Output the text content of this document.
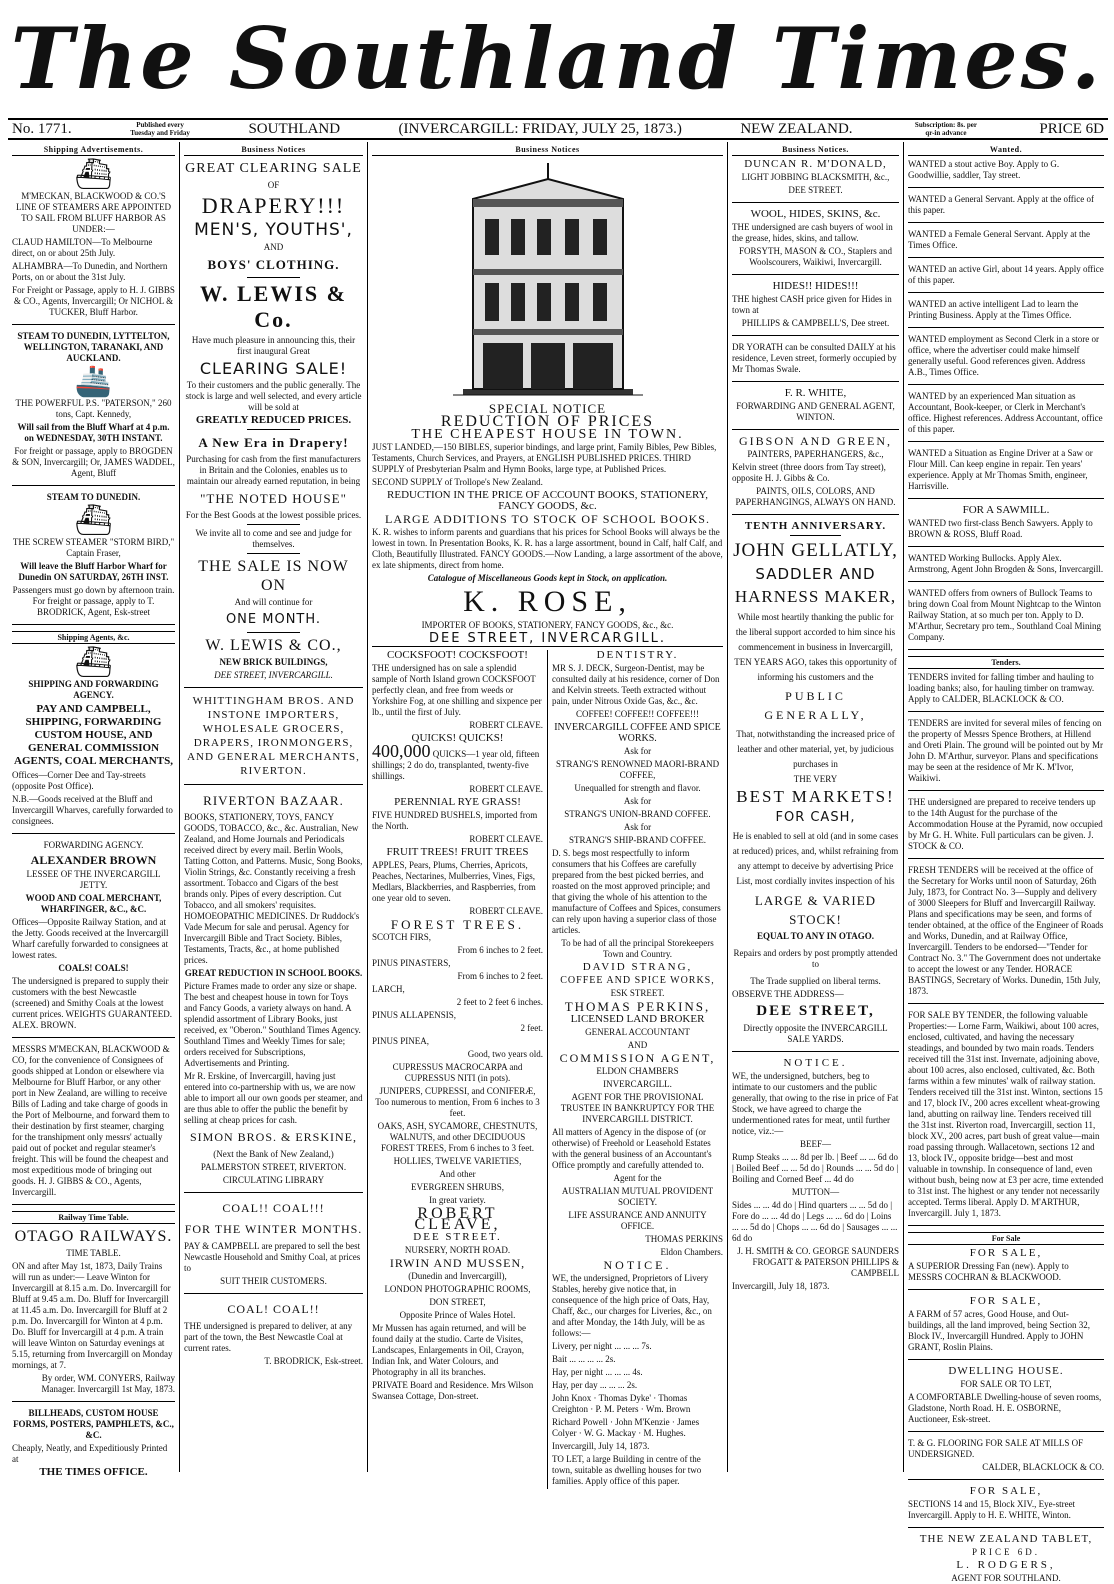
The Southland Times.
No. 1771.	Published every Tuesday and Friday	SOUTHLAND	(INVERCARGILL: FRIDAY, JULY 25, 1873.)	NEW ZEALAND.	Subscription: 8s. per qr-in advance	PRICE 6D
Shipping Advertisements.
⛴

M'MECKAN, BLACKWOOD & CO.'S LINE OF STEAMERS ARE APPOINTED TO SAIL FROM BLUFF HARBOR AS UNDER:—

CLAUD HAMILTON—To Melbourne direct, on or about 25th July.

ALHAMBRA—To Dunedin, and Northern Ports, on or about the 31st July.

For Freight or Passage, apply to H. J. GIBBS & CO., Agents, Invercargill; Or NICHOL & TUCKER, Bluff Harbor.

STEAM TO DUNEDIN, LYTTELTON, WELLINGTON, TARANAKI, AND AUCKLAND.

🚢

THE POWERFUL P.S. "PATERSON," 260 tons, Capt. Kennedy,

Will sail from the Bluff Wharf at 4 p.m. on WEDNESDAY, 30TH INSTANT.

For freight or passage, apply to BROGDEN & SON, Invercargill; Or, JAMES WADDEL, Agent, Bluff

STEAM TO DUNEDIN.

⛴

THE SCREW STEAMER "STORM BIRD," Captain Fraser,

Will leave the Bluff Harbor Wharf for Dunedin ON SATURDAY, 26TH INST.

Passengers must go down by afternoon train. For freight or passage, apply to T. BRODRICK, Agent, Esk-street

Shipping Agents, &c.
⛴

SHIPPING AND FORWARDING AGENCY.

PAY AND CAMPBELL, SHIPPING, FORWARDING CUSTOM HOUSE, AND GENERAL COMMISSION AGENTS, COAL MERCHANTS,

Offices—Corner Dee and Tay-streets (opposite Post Office).

N.B.—Goods received at the Bluff and Invercargill Wharves, carefully forwarded to consignees.

FORWARDING AGENCY.

ALEXANDER BROWN

LESSEE OF THE INVERCARGILL JETTY.

WOOD AND COAL MERCHANT, WHARFINGER, &C., &C.

Offices—Opposite Railway Station, and at the Jetty. Goods received at the Invercargill Wharf carefully forwarded to consignees at lowest rates.

COALS! COALS!

The undersigned is prepared to supply their customers with the best Newcastle (screened) and Smithy Coals at the lowest current prices. WEIGHTS GUARANTEED. ALEX. BROWN.

MESSRS M'MECKAN, BLACKWOOD & CO, for the convenience of Consignees of goods shipped at London or elsewhere via Melbourne for Bluff Harbor, or any other port in New Zealand, are willing to receive Bills of Lading and take charge of goods in the Port of Melbourne, and forward them to their destination by first steamer, charging for the transhipment only messrs' actually paid out of pocket and regular steamer's freight. This will be found the cheapest and most expeditious mode of bringing out goods. H. J. GIBBS & CO., Agents, Invercargill.

Railway Time Table.

OTAGO RAILWAYS.

TIME TABLE.

ON and after May 1st, 1873, Daily Trains will run as under:— Leave Winton for Invercargill at 8.15 a.m. Do. Invercargill for Bluff at 9.45 a.m. Do. Bluff for Invercargill at 11.45 a.m. Do. Invercargill for Bluff at 2 p.m. Do. Invercargill for Winton at 4 p.m. Do. Bluff for Invercargill at 4 p.m. A train will leave Winton on Saturday evenings at 5.15, returning from Invercargill on Monday mornings, at 7.

By order, WM. CONYERS, Railway Manager. Invercargill 1st May, 1873.

BILLHEADS, CUSTOM HOUSE FORMS, POSTERS, PAMPHLETS, &C., &C.

Cheaply, Neatly, and Expeditiously Printed at

THE TIMES OFFICE.

Business Notices

GREAT CLEARING SALE

OF

DRAPERY!!!

MEN'S, YOUTHS',

AND

BOYS' CLOTHING.

W. LEWIS & Co.

Have much pleasure in announcing this, their first inaugural Great

CLEARING SALE!

To their customers and the public generally. The stock is large and well selected, and every article will be sold at

GREATLY REDUCED PRICES.

A New Era in Drapery!

Purchasing for cash from the first manufacturers in Britain and the Colonies, enables us to maintain our already earned reputation, in being

"THE NOTED HOUSE"

For the Best Goods at the lowest possible prices.

We invite all to come and see and judge for themselves.

THE SALE IS NOW ON

And will continue for

ONE MONTH.

W. LEWIS & CO.,

NEW BRICK BUILDINGS,

DEE STREET, INVERCARGILL.

WHITTINGHAM BROS. AND INSTONE IMPORTERS, WHOLESALE GROCERS, DRAPERS, IRONMONGERS, AND GENERAL MERCHANTS, RIVERTON.

RIVERTON BAZAAR.

BOOKS, STATIONERY, TOYS, FANCY GOODS, TOBACCO, &c., &c. Australian, New Zealand, and Home Journals and Periodicals received direct by every mail. Berlin Wools, Tatting Cotton, and Patterns. Music, Song Books, Violin Strings, &c. Constantly receiving a fresh assortment. Tobacco and Cigars of the best brands only. Pipes of every description. Cut Tobacco, and all smokers' requisites. HOMOEOPATHIC MEDICINES. Dr Ruddock's Vade Mecum for sale and perusal. Agency for Invercargill Bible and Tract Society. Bibles, Testaments, Tracts, &c., at home published prices.

GREAT REDUCTION IN SCHOOL BOOKS.

Picture Frames made to order any size or shape. The best and cheapest house in town for Toys and Fancy Goods, a variety always on hand. A splendid assortment of Library Books, just received, ex "Oberon." Southland Times Agency. Southland Times and Weekly Times for sale; orders received for Subscriptions, Advertisements and Printing.

Mr R. Erskine, of Invercargill, having just entered into co-partnership with us, we are now able to import all our own goods per steamer, and are thus able to offer the public the benefit by selling at cheap prices for cash.

SIMON BROS. & ERSKINE,

(Next the Bank of New Zealand,)

PALMERSTON STREET, RIVERTON.

CIRCULATING LIBRARY

COAL!! COAL!!!

FOR THE WINTER MONTHS.

PAY & CAMPBELL are prepared to sell the best Newcastle Household and Smithy Coal, at prices to

SUIT THEIR CUSTOMERS.

COAL! COAL!!

THE undersigned is prepared to deliver, at any part of the town, the Best Newcastle Coal at current rates.

T. BRODRICK, Esk-street.

Business Notices

SPECIAL NOTICE

REDUCTION OF PRICES

THE CHEAPEST HOUSE IN TOWN.

JUST LANDED,—150 BIBLES, superior bindings, and large print, Family Bibles, Pew Bibles, Testaments, Church Services, and Prayers, at ENGLISH PUBLISHED PRICES. THIRD SUPPLY of Presbyterian Psalm and Hymn Books, large type, at Published Prices.

SECOND SUPPLY of Trollope's New Zealand.

REDUCTION IN THE PRICE OF ACCOUNT BOOKS, STATIONERY, FANCY GOODS, &c.

LARGE ADDITIONS TO STOCK OF SCHOOL BOOKS.

K. R. wishes to inform parents and guardians that his prices for School Books will always be the lowest in town. In Presentation Books, K. R. has a large assortment, bound in Calf, half Calf, and Cloth, Beautifully Illustrated. FANCY GOODS.—Now Landing, a large assortment of the above, ex late shipments, direct from home.

Catalogue of Miscellaneous Goods kept in Stock, on application.

K. ROSE,

IMPORTER OF BOOKS, STATIONERY, FANCY GOODS, &c., &c.

DEE STREET, INVERCARGILL.

COCKSFOOT! COCKSFOOT!

THE undersigned has on sale a splendid sample of North Island grown COCKSFOOT perfectly clean, and free from weeds or Yorkshire Fog, at one shilling and sixpence per lb., until the first of July.

ROBERT CLEAVE.

QUICKS! QUICKS!

400,000 QUICKS—1 year old, fifteen shillings; 2 do do, transplanted, twenty-five shillings.

ROBERT CLEAVE.

PERENNIAL RYE GRASS!

FIVE HUNDRED BUSHELS, imported from the North.

ROBERT CLEAVE.

FRUIT TREES! FRUIT TREES

APPLES, Pears, Plums, Cherries, Apricots, Peaches, Nectarines, Mulberries, Vines, Figs, Medlars, Blackberries, and Raspberries, from one year old to seven.

ROBERT CLEAVE.

FOREST TREES.

SCOTCH FIRS,

From 6 inches to 2 feet.

PINUS PINASTERS,

From 6 inches to 2 feet.

LARCH,

2 feet to 2 feet 6 inches.

PINUS ALLAPENSIS,

2 feet.

PINUS PINEA,

Good, two years old.

CUPRESSUS MACROCARPA and CUPRESSUS NITI (in pots).

JUNIPERS, CUPRESSI, and CONIFERÆ, Too numerous to mention, From 6 inches to 3 feet.

OAKS, ASH, SYCAMORE, CHESTNUTS, WALNUTS, and other DECIDUOUS FOREST TREES, From 6 inches to 3 feet.

HOLLIES, TWELVE VARIETIES,

And other

EVERGREEN SHRUBS,

In great variety.

ROBERT CLEAVE,

DEE STREET.

NURSERY, NORTH ROAD.

IRWIN AND MUSSEN,

(Dunedin and Invercargill),

LONDON PHOTOGRAPHIC ROOMS,

DON STREET,

Opposite Prince of Wales Hotel.

Mr Mussen has again returned, and will be found daily at the studio. Carte de Visites, Landscapes, Enlargements in Oil, Crayon, Indian Ink, and Water Colours, and Photography in all its branches.

PRIVATE Board and Residence. Mrs Wilson Swansea Cottage, Don-street.

DENTISTRY.

MR S. J. DECK, Surgeon-Dentist, may be consulted daily at his residence, corner of Don and Kelvin streets. Teeth extracted without pain, under Nitrous Oxide Gas, &c., &c.

COFFEE! COFFEE!! COFFEE!!!

INVERCARGILL COFFEE AND SPICE WORKS.

Ask for

STRANG'S RENOWNED MAORI-BRAND COFFEE,

Unequalled for strength and flavor.

Ask for

STRANG'S UNION-BRAND COFFEE.

Ask for

STRANG'S SHIP-BRAND COFFEE.

D. S. begs most respectfully to inform consumers that his Coffees are carefully prepared from the best picked berries, and roasted on the most approved principle; and that giving the whole of his attention to the manufacture of Coffees and Spices, consumers can rely upon having a superior class of those articles.

To be had of all the principal Storekeepers Town and Country.

DAVID STRANG,

COFFEE AND SPICE WORKS,

ESK STREET.

THOMAS PERKINS,

LICENSED LAND BROKER

GENERAL ACCOUNTANT

AND

COMMISSION AGENT,

ELDON CHAMBERS

INVERCARGILL.

AGENT FOR THE PROVISIONAL TRUSTEE IN BANKRUPTCY FOR THE INVERCARGILL DISTRICT.

All matters of Agency in the dispose of (or otherwise) of Freehold or Leasehold Estates with the general business of an Accountant's Office promptly and carefully attended to.

Agent for the

AUSTRALIAN MUTUAL PROVIDENT SOCIETY.

LIFE ASSURANCE AND ANNUITY OFFICE.

THOMAS PERKINS

Eldon Chambers.

NOTICE.

WE, the undersigned, Proprietors of Livery Stables, hereby give notice that, in consequence of the high price of Oats, Hay, Chaff, &c., our charges for Liveries, &c., on and after Monday, the 14th July, will be as follows:—

Livery, per night ... ... ... 7s.

Bait ... ... ... ... 2s.

Hay, per night ... ... ... 4s.

Hay, per day ... ... ... 2s.

John Knox · Thomas Dyke' · Thomas Creighton · P. M. Peters · Wm. Brown

Richard Powell · John M'Kenzie · James Colyer · W. G. Mackay · M. Hughes.

Invercargill, July 14, 1873.

TO LET, a large Building in centre of the town, suitable as dwelling houses for two families. Apply office of this paper.

Business Notices.

DUNCAN R. M'DONALD,

LIGHT JOBBING BLACKSMITH, &c.,

DEE STREET.

WOOL, HIDES, SKINS, &c.

THE undersigned are cash buyers of wool in the grease, hides, skins, and tallow.

FORSYTH, MASON & CO., Staplers and Woolscourers, Waikiwi, Invercargill.

HIDES!! HIDES!!!

THE highest CASH price given for Hides in town at

PHILLIPS & CAMPBELL'S, Dee street.

DR YORATH can be consulted DAILY at his residence, Leven street, formerly occupied by Mr Thomas Swale.

F. R. WHITE,

FORWARDING AND GENERAL AGENT, WINTON.

GIBSON AND GREEN,

PAINTERS, PAPERHANGERS, &c.,

Kelvin street (three doors from Tay street), opposite H. J. Gibbs & Co.

PAINTS, OILS, COLORS, AND PAPERHANGINGS, ALWAYS ON HAND.

TENTH ANNIVERSARY.

JOHN GELLATLY,

SADDLER AND

HARNESS MAKER,

While most heartily thanking the public for the liberal support accorded to him since his commencement in business in Invercargill, TEN YEARS AGO, takes this opportunity of informing his customers and the

PUBLIC GENERALLY,

That, notwithstanding the increased price of leather and other material, yet, by judicious purchases in

THE VERY

BEST MARKETS!

FOR CASH,

He is enabled to sell at old (and in some cases at reduced) prices, and, whilst refraining from any attempt to deceive by advertising Price List, most cordially invites inspection of his

LARGE & VARIED STOCK!

EQUAL TO ANY IN OTAGO.

Repairs and orders by post promptly attended to

The Trade supplied on liberal terms.

OBSERVE THE ADDRESS—

DEE STREET,

Directly opposite the INVERCARGILL SALE YARDS.

NOTICE.

WE, the undersigned, butchers, beg to intimate to our customers and the public generally, that owing to the rise in price of Fat Stock, we have agreed to charge the undermentioned rates for meat, until further notice, viz.:—

BEEF—

Rump Steaks ... ... 8d per lb. | Beef ... ... 6d do | Boiled Beef ... ... 5d do | Rounds ... ... 5d do | Boiling and Corned Beef ... 4d do

MUTTON—

Sides ... ... 4d do | Hind quarters ... ... 5d do | Fore do ... ... 4d do | Legs ... ... 6d do | Loins ... ... 5d do | Chops ... ... 6d do | Sausages ... ... 6d do

J. H. SMITH & CO. GEORGE SAUNDERS FROGATT & PATERSON PHILLIPS & CAMPBELL

Invercargill, July 18, 1873.

Wanted.

WANTED a stout active Boy. Apply to G. Goodwillie, saddler, Tay street.

WANTED a General Servant. Apply at the office of this paper.

WANTED a Female General Servant. Apply at the Times Office.

WANTED an active Girl, about 14 years. Apply office of this paper.

WANTED an active intelligent Lad to learn the Printing Business. Apply at the Times Office.

WANTED employment as Second Clerk in a store or office, where the advertiser could make himself generally useful. Good references given. Address A.B., Times Office.

WANTED by an experienced Man situation as Accountant, Book-keeper, or Clerk in Merchant's office. Highest references. Address Accountant, office of this paper.

WANTED a Situation as Engine Driver at a Saw or Flour Mill. Can keep engine in repair. Ten years' experience. Apply at Mr Thomas Smith, engineer, Harrisville.

FOR A SAWMILL.

WANTED two first-class Bench Sawyers. Apply to BROWN & ROSS, Bluff Road.

WANTED Working Bullocks. Apply Alex. Armstrong, Agent John Brogden & Sons, Invercargill.

WANTED offers from owners of Bullock Teams to bring down Coal from Mount Nightcap to the Winton Railway Station, at so much per ton. Apply to D. M'Arthur, Secretary pro tem., Southland Coal Mining Company.

Tenders.

TENDERS invited for falling timber and hauling to loading banks; also, for hauling timber on tramway. Apply to CALDER, BLACKLOCK & CO.

TENDERS are invited for several miles of fencing on the property of Messrs Spence Brothers, at Hillend and Oreti Plain. The ground will be pointed out by Mr John D. M'Arthur, surveyor. Plans and specifications may be seen at the residence of Mr K. M'Ivor, Waikiwi.

THE undersigned are prepared to receive tenders up to the 14th August for the purchase of the Accommodation House at the Pyramid, now occupied by Mr G. H. White. Full particulars can be given. J. STOCK & CO.

FRESH TENDERS will be received at the office of the Secretary for Works until noon of Saturday, 26th July, 1873, for Contract No. 3—Supply and delivery of 3000 Sleepers for Bluff and Invercargill Railway. Plans and specifications may be seen, and forms of tender obtained, at the office of the Engineer of Roads and Works, Dunedin, and at Railway Office, Invercargill. Tenders to be endorsed—"Tender for Contract No. 3." The Government does not undertake to accept the lowest or any Tender. HORACE BASTINGS, Secretary of Works. Dunedin, 15th July, 1873.

FOR SALE BY TENDER, the following valuable Properties:— Lorne Farm, Waikiwi, about 100 acres, enclosed, cultivated, and having the necessary steadings, and bounded by two main roads. Tenders received till the 31st inst. Invernate, adjoining above, about 100 acres, also enclosed, cultivated, &c. Both farms within a few minutes' walk of railway station. Tenders received till the 31st inst. Winton, sections 15 and 17, block IV., 200 acres excellent wheat-growing land, abutting on railway line. Tenders received till the 31st inst. Riverton road, Invercargill, section 11, block XV., 200 acres, part bush of great value—main road passing through. Wallacetown, sections 12 and 13, block IV., opposite bridge—best and most valuable in township. In consequence of land, even without bush, being now at £3 per acre, time extended to 31st inst. The highest or any tender not necessarily accepted. Terms liberal. Apply D. M'ARTHUR, Invercargill. July 1, 1873.

For Sale

FOR SALE,

A SUPERIOR Dressing Fan (new). Apply to MESSRS COCHRAN & BLACKWOOD.

FOR SALE,

A FARM of 57 acres, Good House, and Out-buildings, all the land improved, being Section 32, Block IV., Invercargill Hundred. Apply to JOHN GRANT, Roslin Plains.

DWELLING HOUSE.

FOR SALE OR TO LET,

A COMFORTABLE Dwelling-house of seven rooms, Gladstone, North Road. H. E. OSBORNE, Auctioneer, Esk-street.

T. & G. FLOORING FOR SALE AT MILLS OF UNDERSIGNED.

CALDER, BLACKLOCK & CO.

FOR SALE,

SECTIONS 14 and 15, Block XIV., Eye-street Invercargill. Apply to H. E. WHITE, Winton.

THE NEW ZEALAND TABLET,

PRICE 6D.

L. RODGERS,

AGENT FOR SOUTHLAND.
